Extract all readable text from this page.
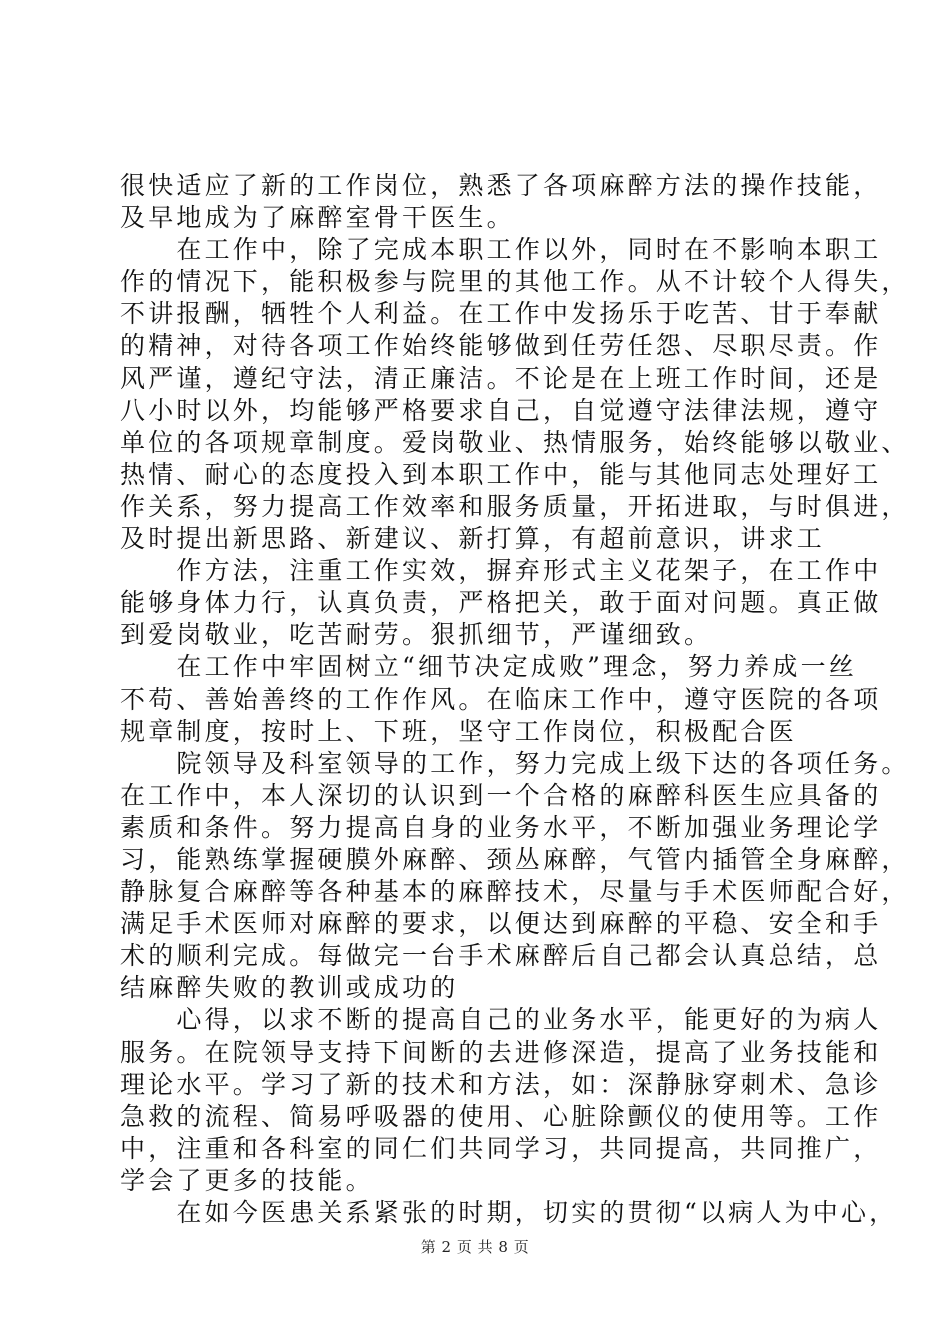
很快适应了新的工作岗位，熟悉了各项麻醉方法的操作技能，
及早地成为了麻醉室骨干医生。
　　在工作中，除了完成本职工作以外，同时在不影响本职工
作的情况下，能积极参与院里的其他工作。从不计较个人得失，
不讲报酬，牺牲个人利益。在工作中发扬乐于吃苦、甘于奉献
的精神，对待各项工作始终能够做到任劳任怨、尽职尽责。作
风严谨，遵纪守法，清正廉洁。不论是在上班工作时间，还是
八小时以外，均能够严格要求自己，自觉遵守法律法规，遵守
单位的各项规章制度。爱岗敬业、热情服务，始终能够以敬业、
热情、耐心的态度投入到本职工作中，能与其他同志处理好工
作关系，努力提高工作效率和服务质量，开拓进取，与时俱进，
及时提出新思路、新建议、新打算，有超前意识，讲求工
　　作方法，注重工作实效，摒弃形式主义花架子，在工作中
能够身体力行，认真负责，严格把关，敢于面对问题。真正做
到爱岗敬业，吃苦耐劳。狠抓细节，严谨细致。
　　在工作中牢固树立“细节决定成败”理念，努力养成一丝
不苟、善始善终的工作作风。在临床工作中，遵守医院的各项
规章制度，按时上、下班，坚守工作岗位，积极配合医
　　院领导及科室领导的工作，努力完成上级下达的各项任务。
在工作中，本人深切的认识到一个合格的麻醉科医生应具备的
素质和条件。努力提高自身的业务水平，不断加强业务理论学
习，能熟练掌握硬膜外麻醉、颈丛麻醉，气管内插管全身麻醉，
静脉复合麻醉等各种基本的麻醉技术，尽量与手术医师配合好，
满足手术医师对麻醉的要求，以便达到麻醉的平稳、安全和手
术的顺利完成。每做完一台手术麻醉后自己都会认真总结，总
结麻醉失败的教训或成功的
　　心得，以求不断的提高自己的业务水平，能更好的为病人
服务。在院领导支持下间断的去进修深造，提高了业务技能和
理论水平。学习了新的技术和方法，如：深静脉穿刺术、急诊
急救的流程、简易呼吸器的使用、心脏除颤仪的使用等。工作
中，注重和各科室的同仁们共同学习，共同提高，共同推广，
学会了更多的技能。
　　在如今医患关系紧张的时期，切实的贯彻“以病人为中心，
第 2 页 共 8 页
